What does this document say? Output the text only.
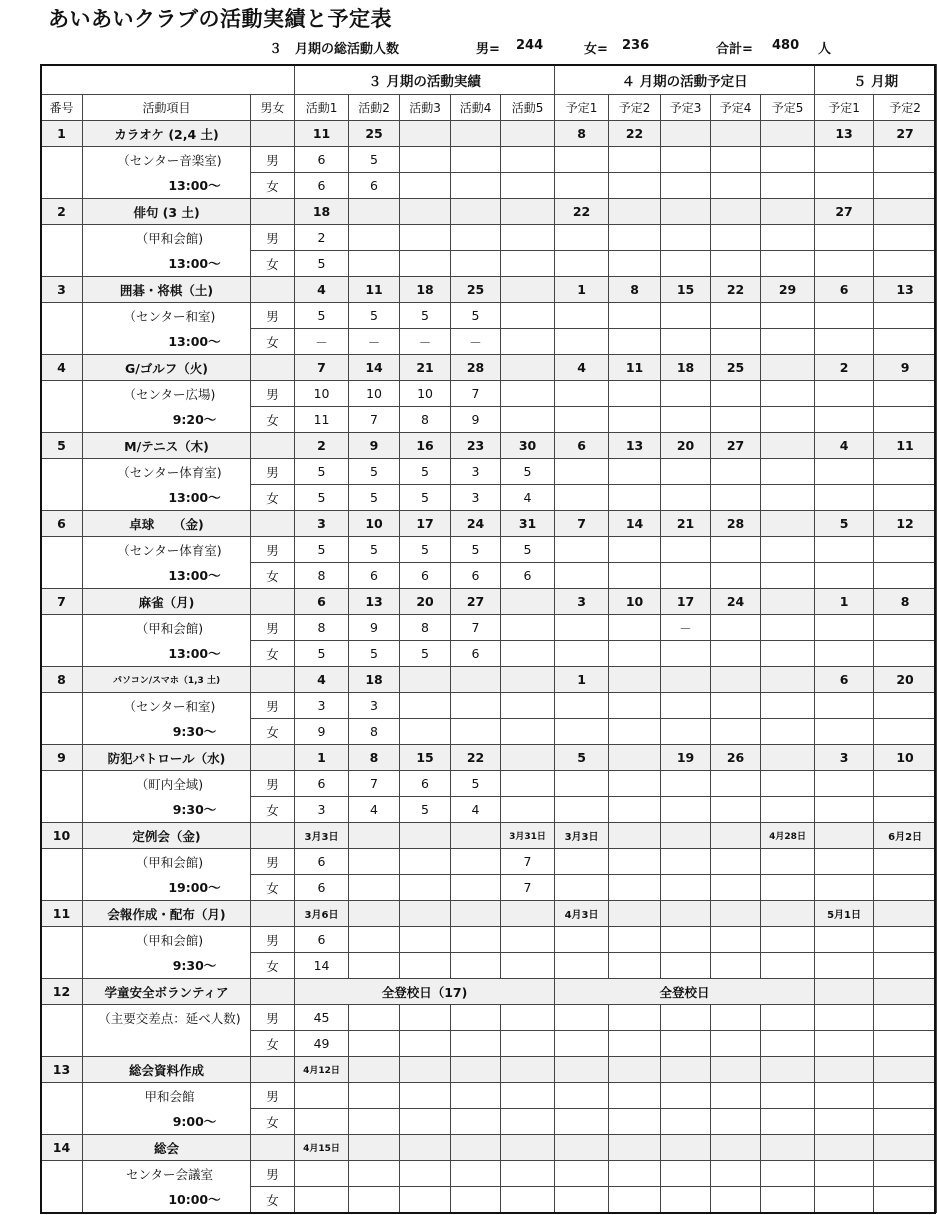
あいあいクラブの活動実績と予定表
３　月期の総活動人数	男= 244	女= 236	合計= 480 人
			３ 月期の活動実績					４ 月期の活動予定日					５ 月期	
番号	活動項目	男女	活動1	活動2	活動3	活動4	活動5	予定1	予定2	予定3	予定4	予定5	予定1	予定2
1	カラオケ (2,4 土)		11	25				8	22				13	27
	（センター音楽室)	男	6	5										
	13:00～	女	6	6										
2	俳句 (3 土)		18					22					27	
	（甲和会館)	男	2											
	13:00～	女	5											
3	囲碁・将棋（土)		4	11	18	25		1	8	15	22	29	6	13
	（センター和室)	男	5	5	5	5								
	13:00～	女	－	－	－	－								
4	G/ゴルフ（火)		7	14	21	28		4	11	18	25		2	9
	（センター広場)	男	10	10	10	7								
	9:20～	女	11	7	8	9								
5	M/テニス（木)		2	9	16	23	30	6	13	20	27		4	11
	（センター体育室)	男	5	5	5	3	5							
	13:00～	女	5	5	5	3	4							
6	卓球　　（金)		3	10	17	24	31	7	14	21	28		5	12
	（センター体育室)	男	5	5	5	5	5							
	13:00～	女	8	6	6	6	6							
7	麻雀（月)		6	13	20	27		3	10	17	24		1	8
	（甲和会館)	男	8	9	8	7				－				
	13:00～	女	5	5	5	6								
8	パソコン/スマホ（1,3 土)		4	18				1					6	20
	（センター和室)	男	3	3										
	9:30～	女	9	8										
9	防犯パトロール（水)		1	8	15	22		5		19	26		3	10
	（町内全域)	男	6	7	6	5								
	9:30～	女	3	4	5	4								
10	定例会（金)		3月3日				3月31日	3月3日				4月28日		6月2日
	（甲和会館)	男	6				7							
	19:00～	女	6				7							
11	会報作成・配布（月)		3月6日					4月3日					5月1日	
	（甲和会館)	男	6											
	9:30～	女	14											
12	学童安全ボランティア		全登校日（17)					全登校日						
	（主要交差点：延べ人数)	男	45											
		女	49											
13	総会資料作成		4月12日											
	甲和会館	男												
	9:00～	女												
14	総会		4月15日											
	センター会議室	男												
	10:00～	女												
